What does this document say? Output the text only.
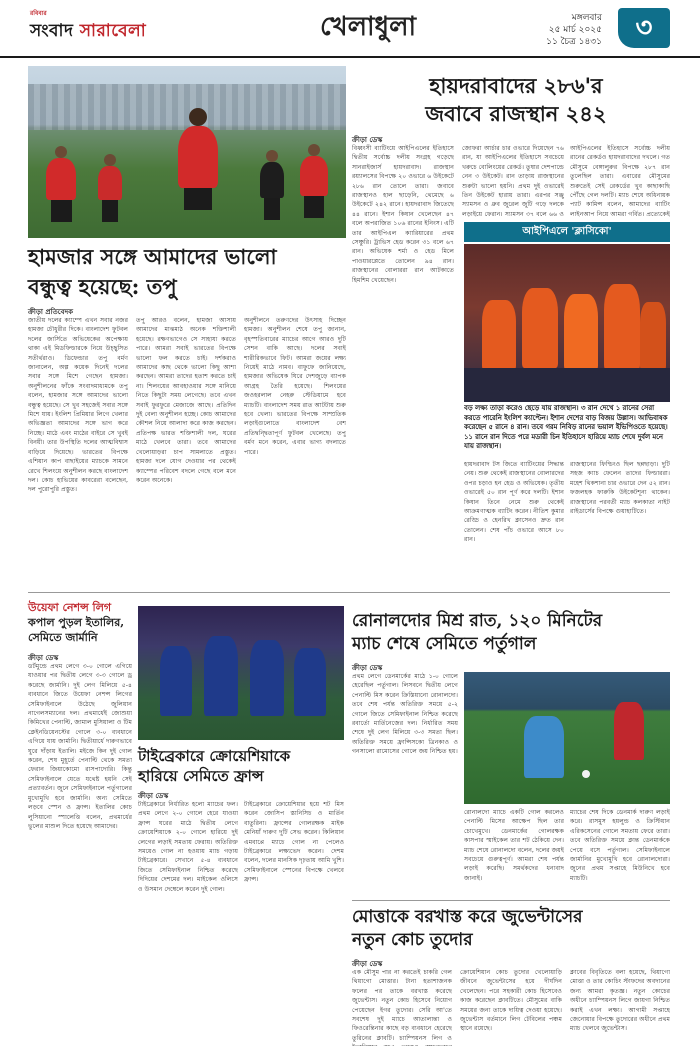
রবিবার
সংবাদ সারাবেলা	খেলাধুলা	মঙ্গলবার
২৫ মার্চ ২০২৫
১১ চৈত্র ১৪৩১	৩
হামজার সঙ্গে আমাদের ভালো
বন্ধুত্ব হয়েছে: তপু
ক্রীড়া প্রতিবেদক
জাতীয় দলের ক্যাম্পে এখন সবার নজর হামজা চৌধুরীর দিকে। বাংলাদেশ ফুটবল দলের জার্সিতে অভিষেকের অপেক্ষায় থাকা এই মিডফিল্ডারকে নিয়ে উচ্ছ্বসিত সতীর্থরাও। ডিফেন্ডার তপু বর্মণ জানালেন, অল্প কয়েক দিনেই দলের সবার সঙ্গে মিশে গেছেন হামজা। অনুশীলনের ফাঁকে সংবাদমাধ্যমকে তপু বলেন, হামজার সঙ্গে আমাদের ভালো বন্ধুত্ব হয়েছে। সে খুব সহজেই সবার সঙ্গে মিশে যায়। ইংলিশ প্রিমিয়ার লিগে খেলার অভিজ্ঞতা আমাদের সঙ্গে ভাগ করে নিচ্ছে। মাঠে এবং মাঠের বাইরে সে খুবই বিনয়ী। তার উপস্থিতি দলের আত্মবিশ্বাস বাড়িয়ে দিয়েছে। ভারতের বিপক্ষে এশিয়ান কাপ বাছাইয়ের ম্যাচকে সামনে রেখে শিলংয়ে অনুশীলন করছে বাংলাদেশ দল। কোচ হাভিয়ের কাবরেরা বলেছেন, দল পুরোপুরি প্রস্তুত।
তপু আরও বলেন, হামজা আসায় আমাদের মাঝমাঠ অনেক শক্তিশালী হয়েছে। রক্ষণভাগেও সে সাহায্য করতে পারে। আমরা সবাই ভারতের বিপক্ষে ভালো ফল করতে চাই। দর্শকরাও আমাদের কাছ থেকে ভালো কিছু আশা করছেন। আমরা তাদের হতাশ করতে চাই না। শিলংয়ের আবহাওয়ার সঙ্গে মানিয়ে নিতে কিছুটা সময় লেগেছে। তবে এখন সবাই ফুরফুরে মেজাজে আছে। প্রতিদিন দুই বেলা অনুশীলন হচ্ছে। কোচ আমাদের কৌশল নিয়ে আলাদা করে কাজ করছেন। প্রতিপক্ষ ভারত শক্তিশালী দল, ঘরের মাঠে খেলবে তারা। তবে আমাদের খেলোয়াড়রা চাপ সামলাতে প্রস্তুত। হামজা দলে যোগ দেওয়ার পর থেকেই ক্যাম্পের পরিবেশ বদলে গেছে বলে মনে করেন অনেকে।
অনুশীলনে তরুণদের উৎসাহ দিচ্ছেন হামজা। অনুশীলন শেষে তপু জানান, বৃহস্পতিবারের ম্যাচের আগে আরও দুটি সেশন বাকি আছে। দলের সবাই শারীরিকভাবে ফিট। আমরা জয়ের লক্ষ্য নিয়েই মাঠে নামব। বাফুফে জানিয়েছে, হামজার অভিষেক ঘিরে দেশজুড়ে ব্যাপক আগ্রহ তৈরি হয়েছে। শিলংয়ের জওহরলাল নেহরু স্টেডিয়ামে হবে ম্যাচটি। বাংলাদেশ সময় রাত আটটায় শুরু হবে খেলা। ভারতের বিপক্ষে সাম্প্রতিক লড়াইগুলোতে বাংলাদেশ বেশ প্রতিদ্বন্দ্বিতাপূর্ণ ফুটবল খেলেছে। তপু বর্মণ মনে করেন, এবার ভাগ্য বদলাতে পারে।
হায়দরাবাদের ২৮৬'র
জবাবে রাজস্থান ২৪২
ক্রীড়া ডেস্ক
বিধ্বংসী ব্যাটিংয়ে আইপিএলের ইতিহাসে দ্বিতীয় সর্বোচ্চ দলীয় সংগ্রহ গড়েছে সানরাইজার্স হায়দরাবাদ। রাজস্থান রয়্যালসের বিপক্ষে ২০ ওভারে ৬ উইকেটে ২৮৬ রান তোলে তারা। জবাবে রাজস্থানও হাল ছাড়েনি, থেমেছে ৬ উইকেটে ২৪২ রানে। হায়দরাবাদ জিতেছে ৪৪ রানে। ইশান কিষান খেলেছেন ৪৭ বলে অপরাজিত ১০৬ রানের ইনিংস। এটি তার আইপিএল ক্যারিয়ারের প্রথম সেঞ্চুরি। ট্রাভিস হেড করেন ৩১ বলে ৬৭ রান। অভিষেক শর্মা ও হেড মিলে পাওয়ারপ্লেতে তোলেন ৯৪ রান। রাজস্থানের বোলাররা রান আটকাতে হিমশিম খেয়েছেন।
জোফরা আর্চার চার ওভারে দিয়েছেন ৭৬ রান, যা আইপিএলের ইতিহাসে সবচেয়ে খরুচে বোলিংয়ের রেকর্ড। তুষার দেশপান্ডে নেন ৩ উইকেট। রান তাড়ায় রাজস্থানের শুরুটা ভালো হয়নি। প্রথম দুই ওভারেই তিন উইকেট হারায় তারা। এরপর সঞ্জু স্যামসন ও ধ্রুব জুরেল জুটি গড়ে দলকে লড়াইয়ে ফেরান। স্যামসন ৩৭ বলে ৬৬ ও
আইপিএলের ইতিহাসে সর্বোচ্চ দলীয় রানের রেকর্ডও হায়দরাবাদের দখলে। গত মৌসুমে বেঙ্গালুরুর বিপক্ষে ২৮৭ রান তুলেছিল তারা। এবারের মৌসুমের শুরুতেই সেই রেকর্ডের খুব কাছাকাছি পৌঁছে গেল দলটি। ম্যাচ শেষে অধিনায়ক প্যাট কামিন্স বলেন, আমাদের ব্যাটিং লাইনআপ নিয়ে আমরা গর্বিত। প্রত্যেকেই
আইপিএলে 'ক্লাসিকো'
বড় লক্ষ্য তাড়া করেও ছেড়ে যায় রাজস্থান। ৩ রান দেখে ১ রানের সেরা করতে পারেনি ইংলিশ ক্যাপ্টেন। ইশান দেশের বাড় বিজয় উল্লাস। আভিবাষক করেছেন ৫ রানে ৪ রান। তবে গরম নিবিড় রানের ভয়াল ইভিপিওতে হয়েছে। ১১ রানে রান দিতে পরে মডারী চিন ইতিহাসে হারিয়ে ম্যাচ শেষে দুর্বল মনে যায় রাজস্থান।
হায়দরাবাদ টস জিতে ব্যাটিংয়ের সিদ্ধান্ত নেয়। শুরু থেকেই রাজস্থানের বোলারদের ওপর চড়াও হন হেড ও অভিষেক। তৃতীয় ওভারেই ৫০ রান পূর্ণ করে দলটি। ইশান কিষান তিনে নেমে শুরু থেকেই আক্রমণাত্মক ব্যাটিং করেন। নীতিশ কুমার রেড্ডি ও হেনরিখ ক্লাসেনও দ্রুত রান তোলেন। শেষ পাঁচ ওভারে আসে ৮০ রান।
রাজস্থানের ফিল্ডিংও ছিল ছন্নছাড়া। দুটি সহজ ক্যাচ ফেলেন তাদের ফিল্ডাররা। মহেশ থিকশানা চার ওভারে দেন ৫২ রান। ফজলহক ফারুকি উইকেটশূন্য থাকেন। রাজস্থানের পরবর্তী ম্যাচ কলকাতা নাইট রাইডার্সের বিপক্ষে গুয়াহাটিতে।
উয়েফা নেশন্স লিগ
কপাল পুড়ল ইতালির,
সেমিতে জার্মানি
ক্রীড়া ডেস্ক
ডর্টমুন্ডে প্রথম লেগে ৩-০ গোলে এগিয়ে যাওয়ার পর দ্বিতীয় লেগে ৩-৩ গোলে ড্র করেছে জার্মানি। দুই লেগ মিলিয়ে ৫-৪ ব্যবধানে জিতে উয়েফা নেশন্স লিগের সেমিফাইনালে উঠেছে জুলিয়ান নাগেলসম্যানের দল। প্রথমার্ধেই জোশুয়া কিমিখের পেনাল্টি, জামাল মুসিয়ালা ও টিম ক্লেইনডিয়েনস্টের গোলে ৩-০ ব্যবধানে এগিয়ে যায় জার্মানি। দ্বিতীয়ার্ধে দারুণভাবে ঘুরে দাঁড়ায় ইতালি। মইজে কিন দুই গোল করেন, শেষ মুহূর্তে পেনাল্টি থেকে সমতা ফেরান জিয়াকোমো রাসপাদোরি। কিন্তু সেমিফাইনালে যেতে যথেষ্ট হয়নি সেই প্রত্যাবর্তন। জুনে সেমিফাইনালে পর্তুগালের মুখোমুখি হবে জার্মানি। অন্য সেমিতে লড়বে স্পেন ও ফ্রান্স। ইতালির কোচ লুসিয়ানো স্পালেত্তি বলেন, প্রথমার্ধের ভুলের মাশুল দিতে হয়েছে আমাদের।
টাইব্রেকারে ক্রোয়েশিয়াকে
হারিয়ে সেমিতে ফ্রান্স
ক্রীড়া ডেস্ক
টাইব্রেকারে নির্ধারিত হলো ম্যাচের ফল। প্রথম লেগে ২-০ গোলে হেরে যাওয়া ফ্রান্স ঘরের মাঠে দ্বিতীয় লেগে ক্রোয়েশিয়াকে ২-০ গোলে হারিয়ে দুই লেগের লড়াই সমতায় ফেরায়। অতিরিক্ত সময়েও গোল না হওয়ায় ম্যাচ গড়ায় টাইব্রেকারে। সেখানে ৫-৪ ব্যবধানে জিতে সেমিফাইনাল নিশ্চিত করেছে দিদিয়ের দেশমের দল। মাইকেল ওলিসে ও উসমান দেম্বেলে করেন দুই গোল।
টাইব্রেকারে ক্রোয়েশিয়ার হয়ে শট মিস করেন জোসিপ স্তানিসিচ ও মার্তিন বাতুরিনা। ফ্রান্সের গোলরক্ষক মাইক মেনিয়াঁ দারুণ দুটি সেভ করেন। কিলিয়ান এমবাপ্পে ম্যাচে গোল না পেলেও টাইব্রেকারে লক্ষ্যভেদ করেন। দেশম বলেন, দলের মানসিক দৃঢ়তায় আমি খুশি। সেমিফাইনালে স্পেনের বিপক্ষে খেলবে ফ্রান্স।
রোনালদোর মিশ্র রাত, ১২০ মিনিটের
ম্যাচ শেষে সেমিতে পর্তুগাল
ক্রীড়া ডেস্ক
প্রথম লেগে ডেনমার্কের মাঠে ১-০ গোলে হেরেছিল পর্তুগাল। লিসবনে দ্বিতীয় লেগে পেনাল্টি মিস করেন ক্রিস্তিয়ানো রোনালদো। তবে শেষ পর্যন্ত অতিরিক্ত সময়ে ৫-২ গোলে জিতে সেমিফাইনাল নিশ্চিত করেছে রবার্তো মার্তিনেজের দল। নির্ধারিত সময় শেষে দুই লেগ মিলিয়ে ৩-৩ সমতা ছিল। অতিরিক্ত সময়ে ফ্রান্সিসকো ত্রিনকাও ও গনসালো রামোসের গোলে জয় নিশ্চিত হয়।
রোনালদো ম্যাচে একটি গোল করলেও পেনাল্টি মিসের আক্ষেপ ছিল তার চোখেমুখে। ডেনমার্কের গোলরক্ষক কাসপার স্মাইকেল তার শট ঠেকিয়ে দেন। ম্যাচ শেষে রোনালদো বলেন, দলের জয়ই সবচেয়ে গুরুত্বপূর্ণ। আমরা শেষ পর্যন্ত লড়াই করেছি। সমর্থকদের ধন্যবাদ জানাই।
ম্যাচের শেষ দিকে ডেনমার্ক দারুণ লড়াই করে। রাসমুস হয়লুন্ড ও ক্রিস্টিয়ান এরিকসেনের গোলে সমতায় ফেরে তারা। তবে অতিরিক্ত সময়ে ক্লান্ত ডেনমার্ককে পেয়ে বসে পর্তুগাল। সেমিফাইনালে জার্মানির মুখোমুখি হবে রোনালদোরা। জুনের প্রথম সপ্তাহে মিউনিখে হবে ম্যাচটি।
মোত্তাকে বরখাস্ত করে জুভেন্টাসের
নতুন কোচ তুদোর
ক্রীড়া ডেস্ক
এক মৌসুম পার না করতেই চাকরি গেল থিয়াগো মোত্তার। টানা হতাশাজনক ফলের পর তাকে বরখাস্ত করেছে জুভেন্টাস। নতুন কোচ হিসেবে নিয়োগ পেয়েছেন ইগর তুদোর। সেরি আ'তে সবশেষ দুই ম্যাচে আতালান্তা ও ফিওরেন্তিনার কাছে বড় ব্যবধানে হেরেছে তুরিনের ক্লাবটি। চ্যাম্পিয়নস লিগ ও
ক্রোয়েশিয়ান কোচ তুদোর খেলোয়াড়ি জীবনে জুভেন্টাসের হয়ে দীর্ঘদিন খেলেছেন। পরে সহকারী কোচ হিসেবেও কাজ করেছেন ক্লাবটিতে। মৌসুমের বাকি সময়ের জন্য তাকে দায়িত্ব দেওয়া হয়েছে। জুভেন্টাস বর্তমানে লিগ টেবিলের পঞ্চম স্থানে রয়েছে।
ক্লাবের বিবৃতিতে বলা হয়েছে, থিয়াগো মোত্তা ও তার কোচিং স্টাফদের অবদানের জন্য আমরা কৃতজ্ঞ। নতুন কোচের অধীনে চ্যাম্পিয়নস লিগে জায়গা নিশ্চিত করাই এখন লক্ষ্য। আগামী সপ্তাহে জেনোয়ার বিপক্ষে তুদোরের অধীনে প্রথম ম্যাচ খেলবে জুভেন্টাস।
